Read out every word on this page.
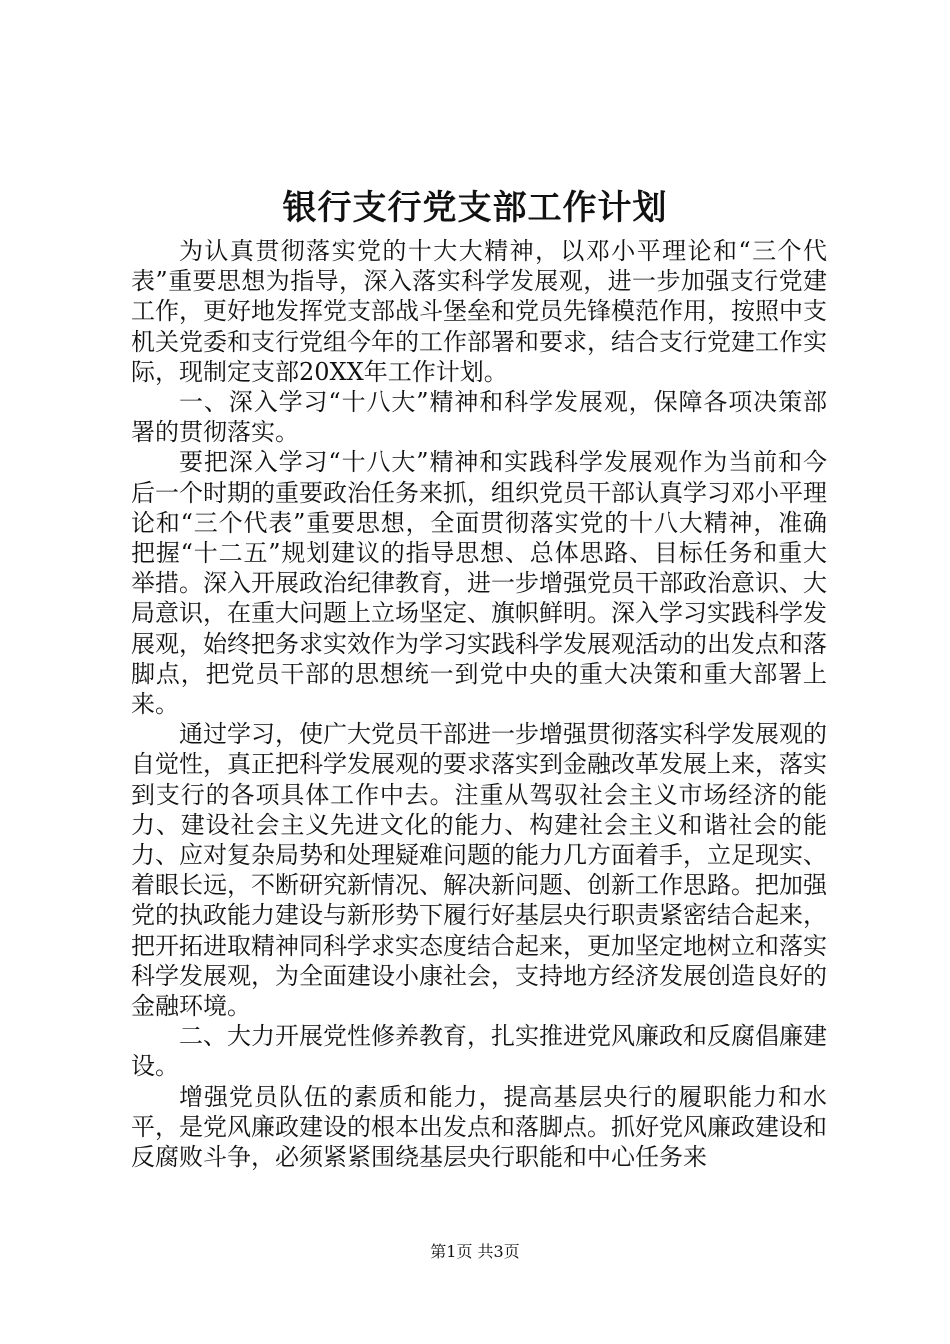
银行支行党支部工作计划

为认真贯彻落实党的十大大精神，以邓小平理论和“三个代表”重要思想为指导，深入落实科学发展观，进一步加强支行党建工作，更好地发挥党支部战斗堡垒和党员先锋模范作用，按照中支机关党委和支行党组今年的工作部署和要求，结合支行党建工作实际，现制定支部20XX年工作计划。

一、深入学习“十八大”精神和科学发展观，保障各项决策部署的贯彻落实。

要把深入学习“十八大”精神和实践科学发展观作为当前和今后一个时期的重要政治任务来抓，组织党员干部认真学习邓小平理论和“三个代表”重要思想，全面贯彻落实党的十八大精神，准确把握“十二五”规划建议的指导思想、总体思路、目标任务和重大举措。深入开展政治纪律教育，进一步增强党员干部政治意识、大局意识，在重大问题上立场坚定、旗帜鲜明。深入学习实践科学发展观，始终把务求实效作为学习实践科学发展观活动的出发点和落脚点，把党员干部的思想统一到党中央的重大决策和重大部署上来。

通过学习，使广大党员干部进一步增强贯彻落实科学发展观的自觉性，真正把科学发展观的要求落实到金融改革发展上来，落实到支行的各项具体工作中去。注重从驾驭社会主义市场经济的能力、建设社会主义先进文化的能力、构建社会主义和谐社会的能力、应对复杂局势和处理疑难问题的能力几方面着手，立足现实、着眼长远，不断研究新情况、解决新问题、创新工作思路。把加强党的执政能力建设与新形势下履行好基层央行职责紧密结合起来，把开拓进取精神同科学求实态度结合起来，更加坚定地树立和落实科学发展观，为全面建设小康社会，支持地方经济发展创造良好的金融环境。

二、大力开展党性修养教育，扎实推进党风廉政和反腐倡廉建设。

增强党员队伍的素质和能力，提高基层央行的履职能力和水平，是党风廉政建设的根本出发点和落脚点。抓好党风廉政建设和反腐败斗争，必须紧紧围绕基层央行职能和中心任务来

第1页 共3页
